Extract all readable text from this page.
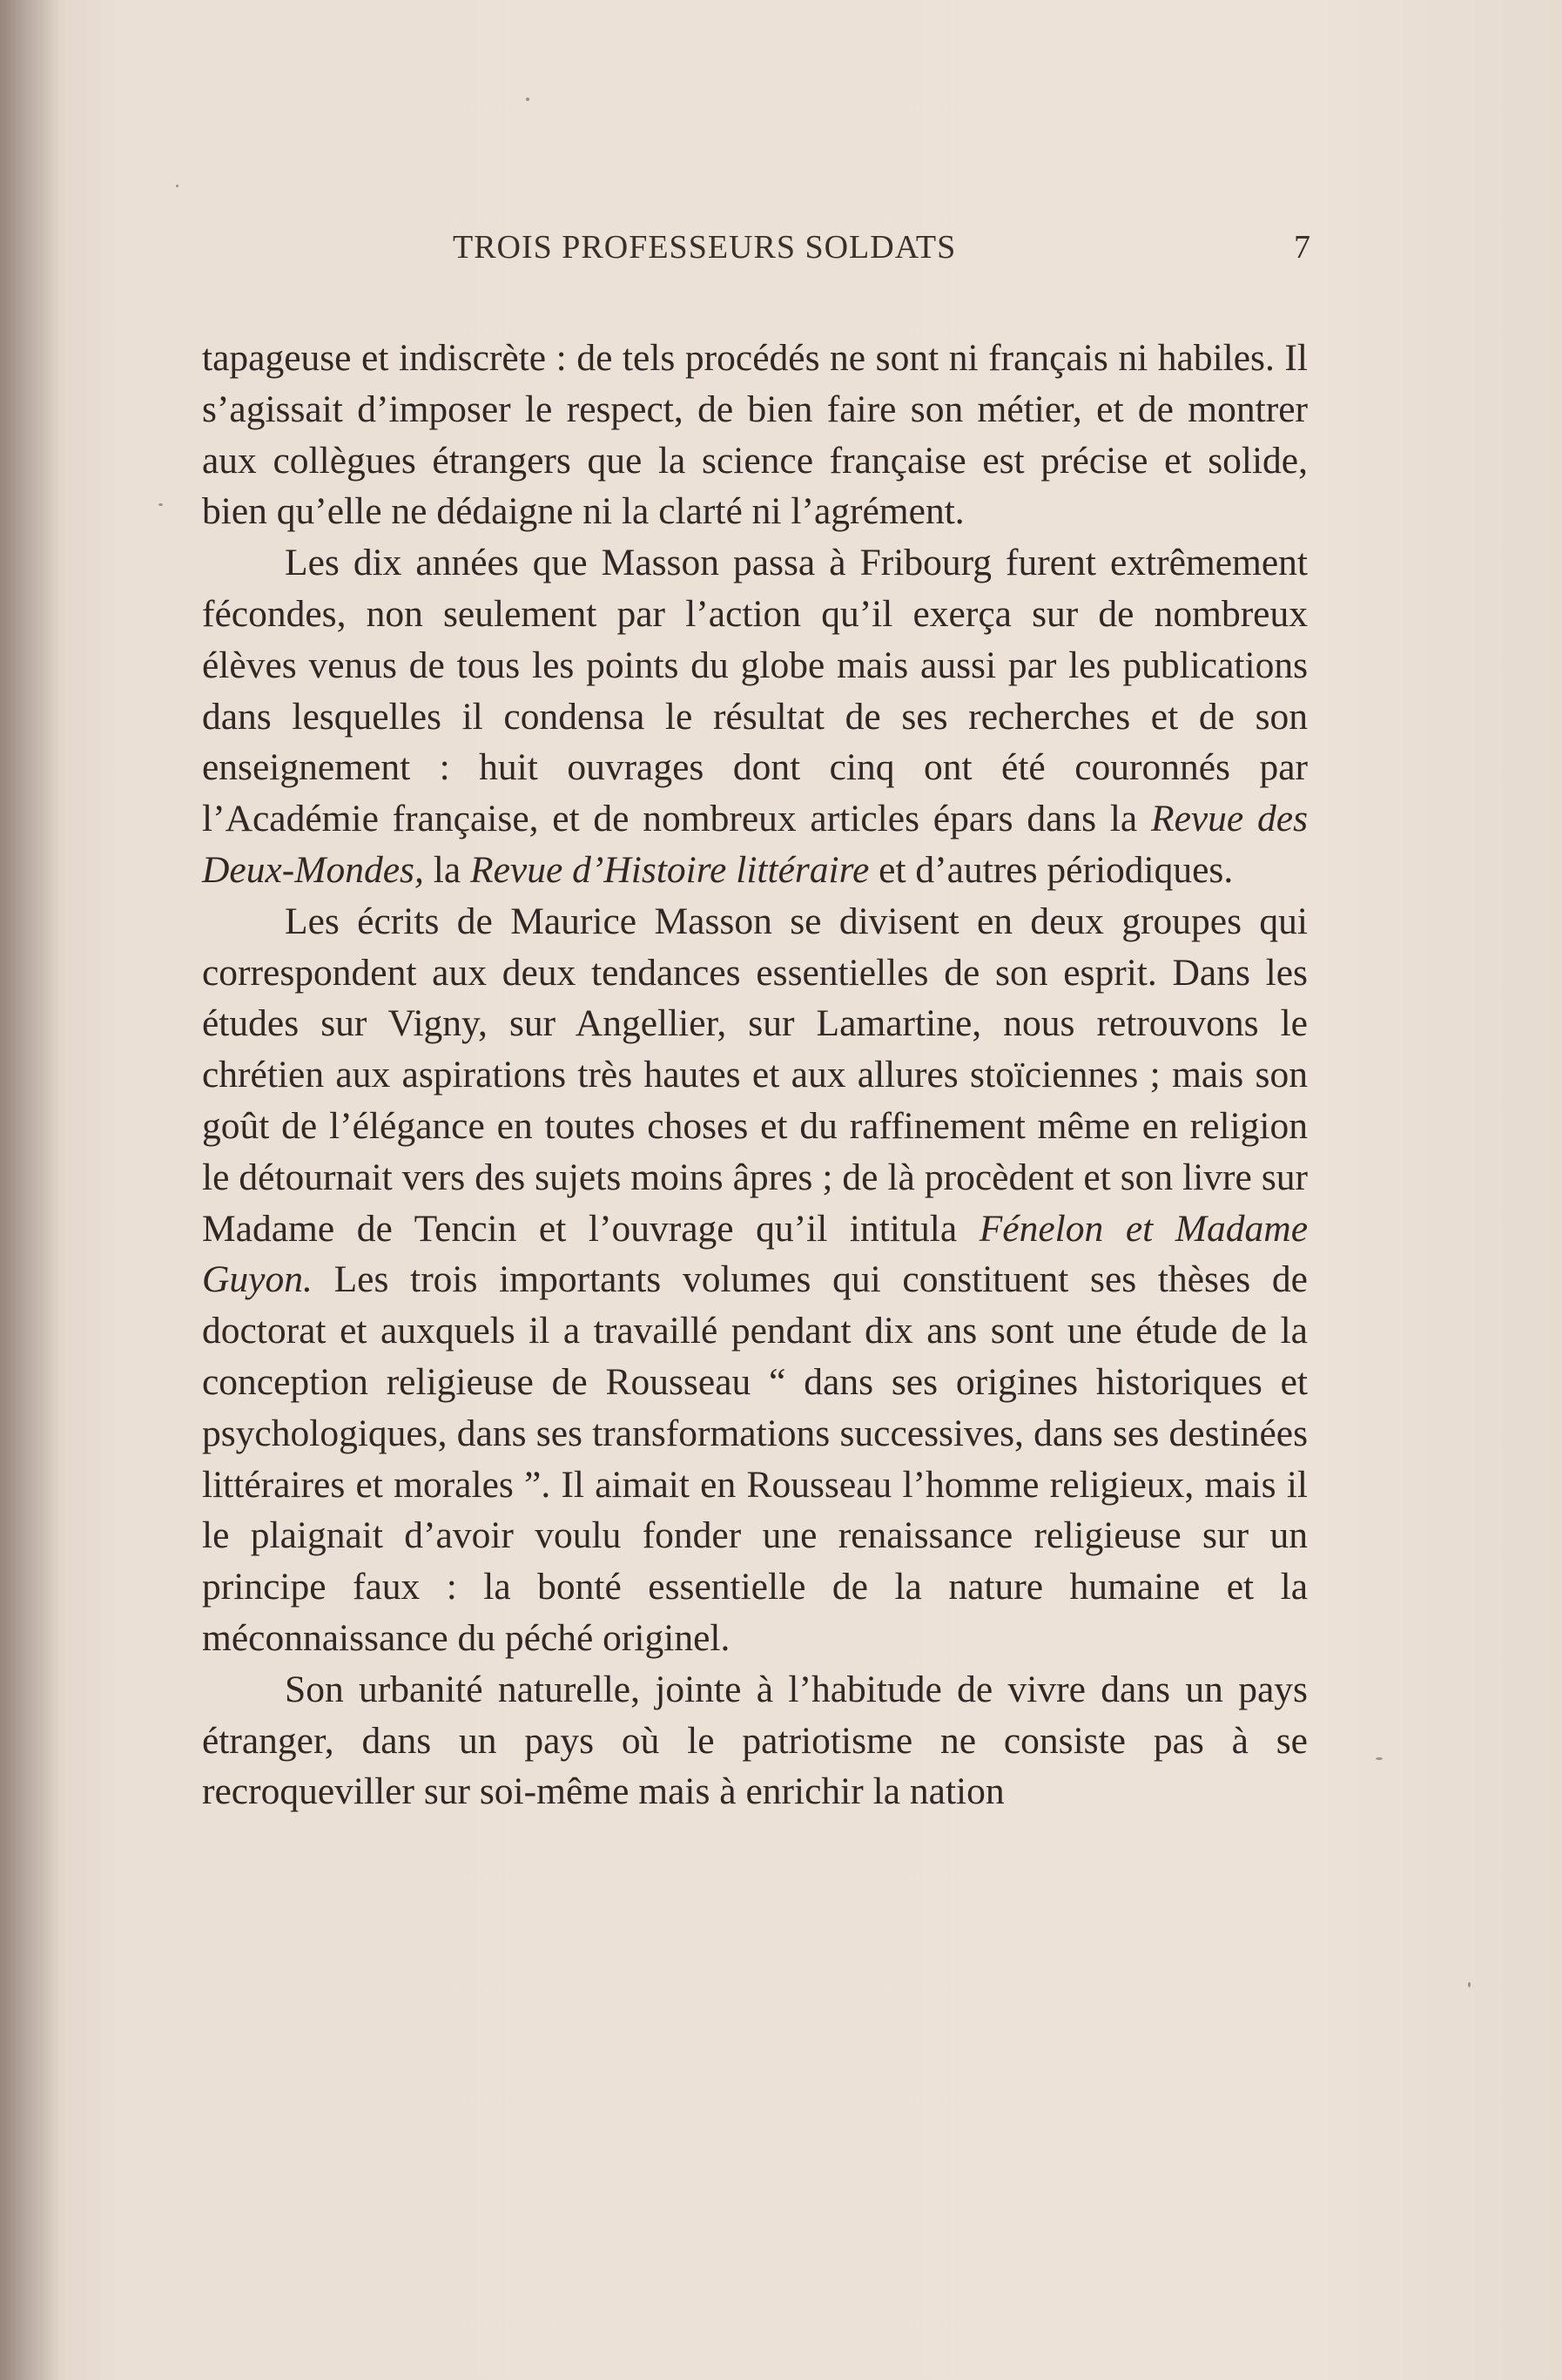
TROIS PROFESSEURS SOLDATS	7

tapageuse et indiscrète : de tels procédés ne sont ni français ni habiles. Il s’agissait d’imposer le respect, de bien faire son métier, et de montrer aux collègues étrangers que la science française est précise et solide, bien qu’elle ne dédaigne ni la clarté ni l’agrément.

Les dix années que Masson passa à Fribourg furent extrêmement fécondes, non seulement par l’action qu’il exerça sur de nombreux élèves venus de tous les points du globe mais aussi par les publications dans lesquelles il condensa le résultat de ses recherches et de son enseignement : huit ouvrages dont cinq ont été couronnés par l’Académie française, et de nombreux articles épars dans la Revue des Deux-Mondes, la Revue d’Histoire littéraire et d’autres périodiques.

Les écrits de Maurice Masson se divisent en deux groupes qui correspondent aux deux tendances essentielles de son esprit. Dans les études sur Vigny, sur Angellier, sur Lamartine, nous retrouvons le chrétien aux aspirations très hautes et aux allures stoïciennes ; mais son goût de l’élégance en toutes choses et du raffinement même en religion le détournait vers des sujets moins âpres ; de là procèdent et son livre sur Madame de Tencin et l’ouvrage qu’il intitula Fénelon et Madame Guyon. Les trois importants volumes qui constituent ses thèses de doctorat et auxquels il a travaillé pendant dix ans sont une étude de la conception religieuse de Rousseau “ dans ses origines historiques et psychologiques, dans ses transformations successives, dans ses destinées littéraires et morales ”. Il aimait en Rousseau l’homme religieux, mais il le plaignait d’avoir voulu fonder une renaissance religieuse sur un principe faux : la bonté essentielle de la nature humaine et la méconnaissance du péché originel.

Son urbanité naturelle, jointe à l’habitude de vivre dans un pays étranger, dans un pays où le patriotisme ne consiste pas à se recroqueviller sur soi-même mais à enrichir la nation
